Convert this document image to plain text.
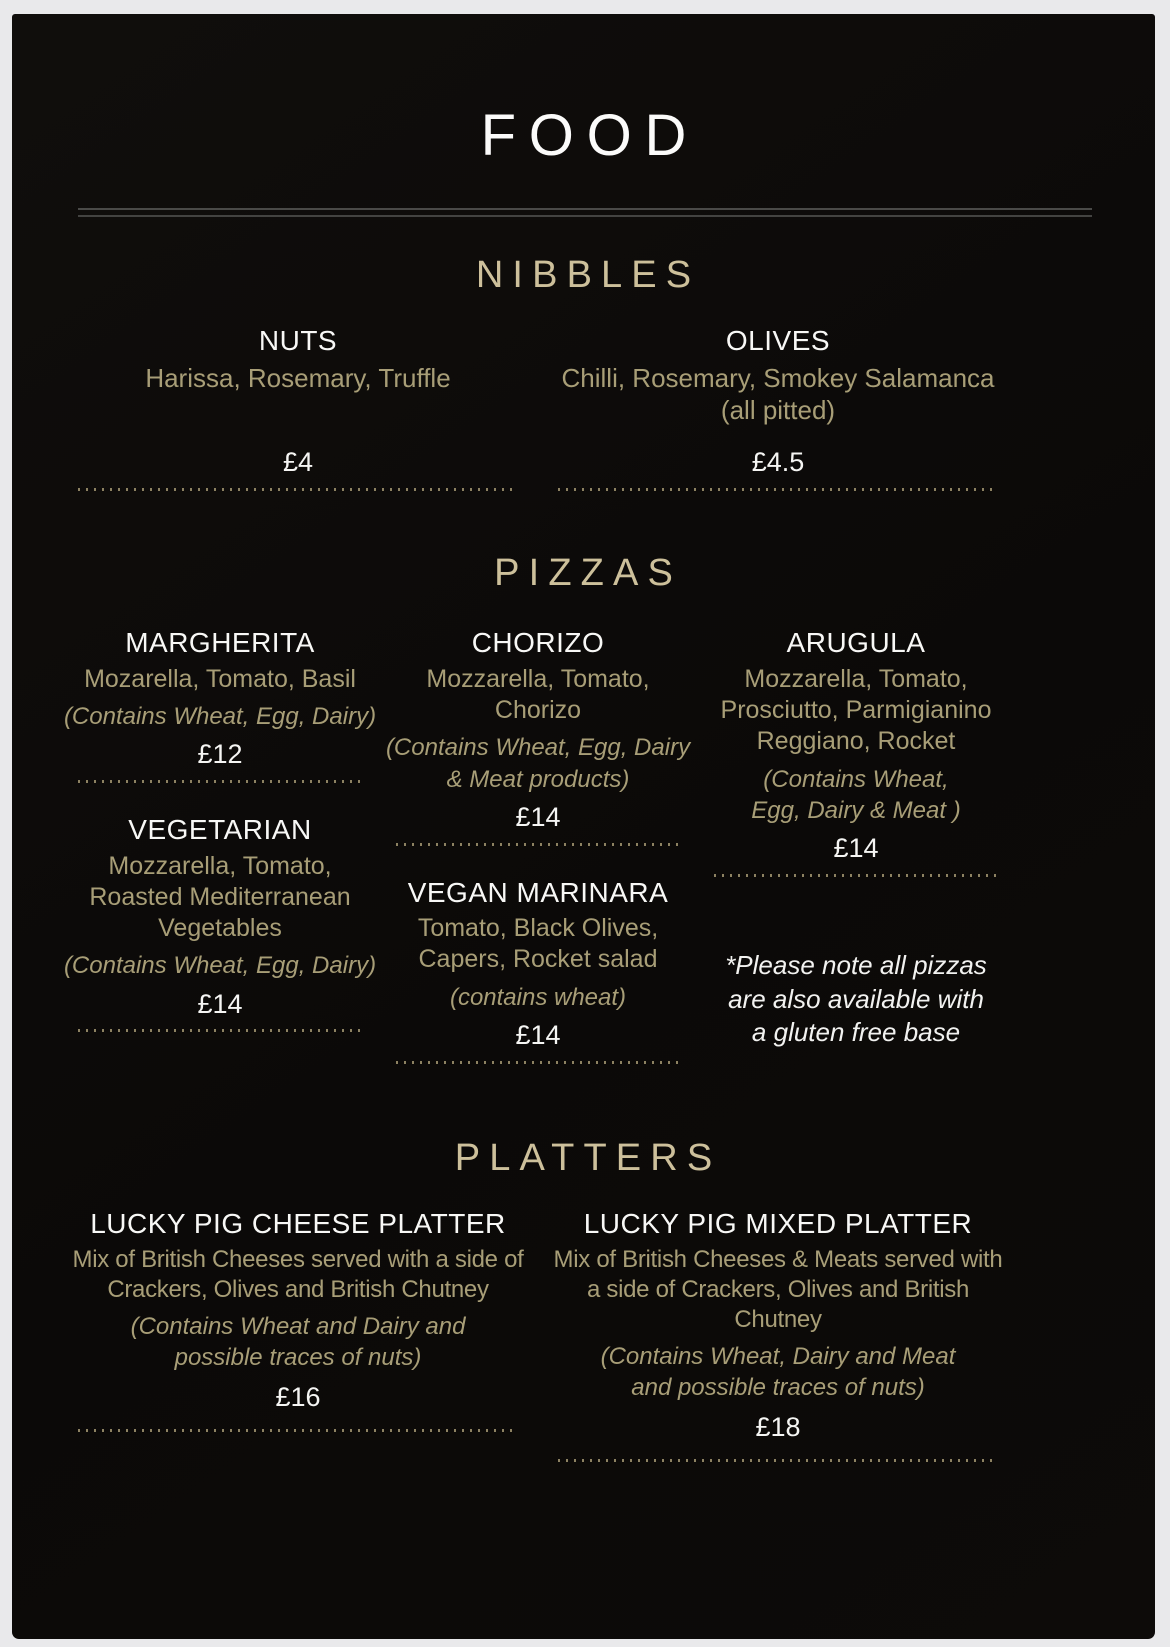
FOOD
NIBBLES
NUTS

Harissa, Rosemary, Truffle

£4

OLIVES

Chilli, Rosemary, Smokey Salamanca

(all pitted)

£4.5

PIZZAS
MARGHERITA

Mozarella, Tomato, Basil

(Contains Wheat, Egg, Dairy)

£12

VEGETARIAN

Mozzarella, Tomato, Roasted Mediterranean Vegetables

(Contains Wheat, Egg, Dairy)

£14

CHORIZO

Mozzarella, Tomato, Chorizo

(Contains Wheat, Egg, Dairy & Meat products)

£14

VEGAN MARINARA

Tomato, Black Olives, Capers, Rocket salad

(contains wheat)

£14

ARUGULA

Mozzarella, Tomato, Prosciutto, Parmigianino Reggiano, Rocket

(Contains Wheat, Egg, Dairy & Meat )

£14

*Please note all pizzas are also available with a gluten free base

PLATTERS
LUCKY PIG CHEESE PLATTER

Mix of British Cheeses served with a side of Crackers, Olives and British Chutney

(Contains Wheat and Dairy and possible traces of nuts)

£16

LUCKY PIG MIXED PLATTER

Mix of British Cheeses & Meats served with a side of Crackers, Olives and British Chutney

(Contains Wheat, Dairy and Meat and possible traces of nuts)

£18
